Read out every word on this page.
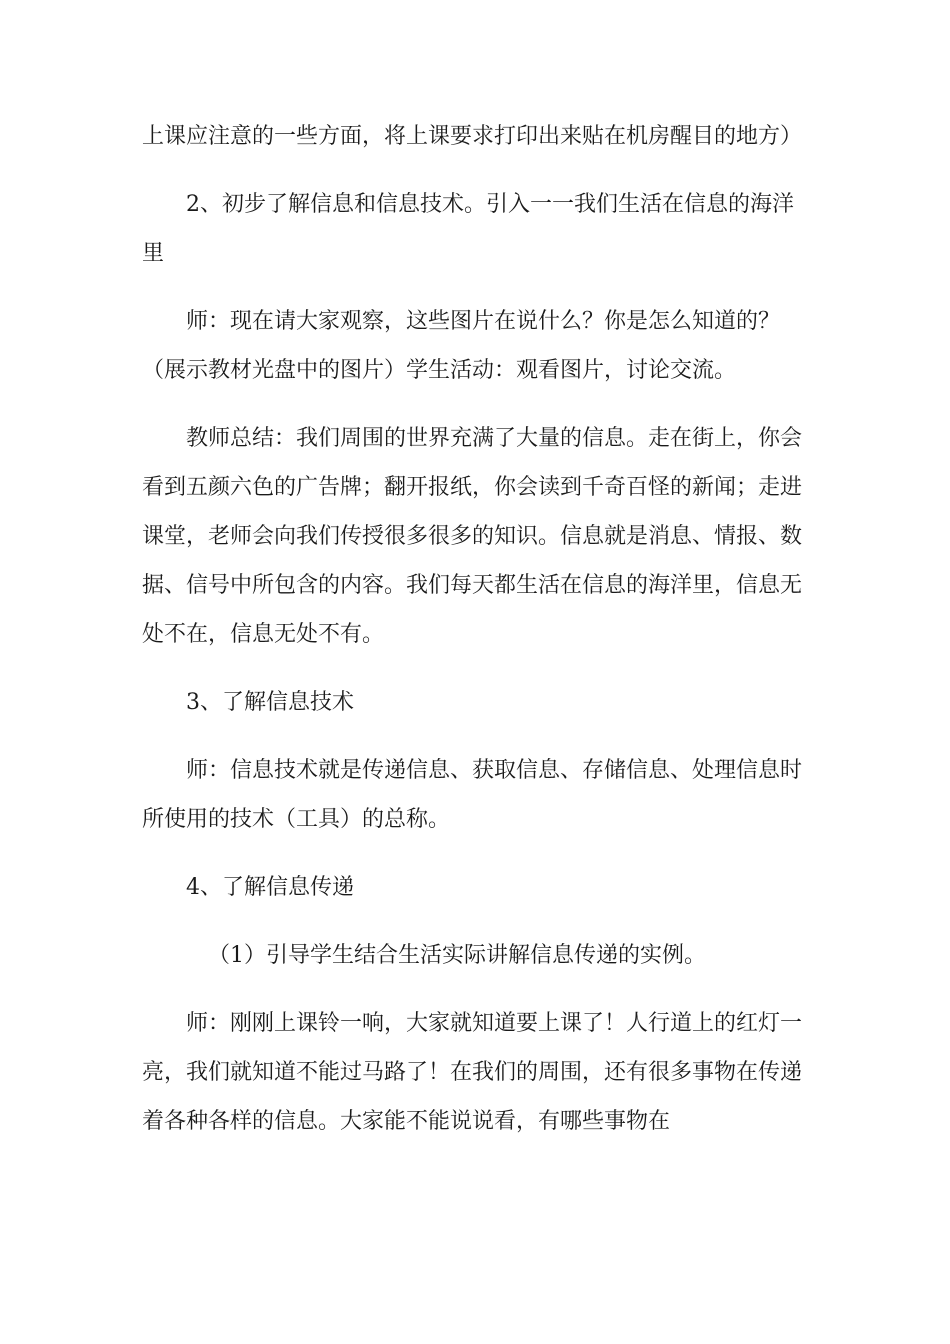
上课应注意的一些方面，将上课要求打印出来贴在机房醒目的地方）

2、初步了解信息和信息技术。引入一一我们生活在信息的海洋里

师：现在请大家观察，这些图片在说什么？你是怎么知道的？（展示教材光盘中的图片）学生活动：观看图片，讨论交流。

教师总结：我们周围的世界充满了大量的信息。走在街上，你会看到五颜六色的广告牌；翻开报纸，你会读到千奇百怪的新闻；走进课堂，老师会向我们传授很多很多的知识。信息就是消息、情报、数据、信号中所包含的内容。我们每天都生活在信息的海洋里，信息无处不在，信息无处不有。

3、了解信息技术

师：信息技术就是传递信息、获取信息、存储信息、处理信息时所使用的技术（工具）的总称。

4、了解信息传递

（1）引导学生结合生活实际讲解信息传递的实例。

师：刚刚上课铃一响，大家就知道要上课了！人行道上的红灯一亮，我们就知道不能过马路了！在我们的周围，还有很多事物在传递着各种各样的信息。大家能不能说说看，有哪些事物在
